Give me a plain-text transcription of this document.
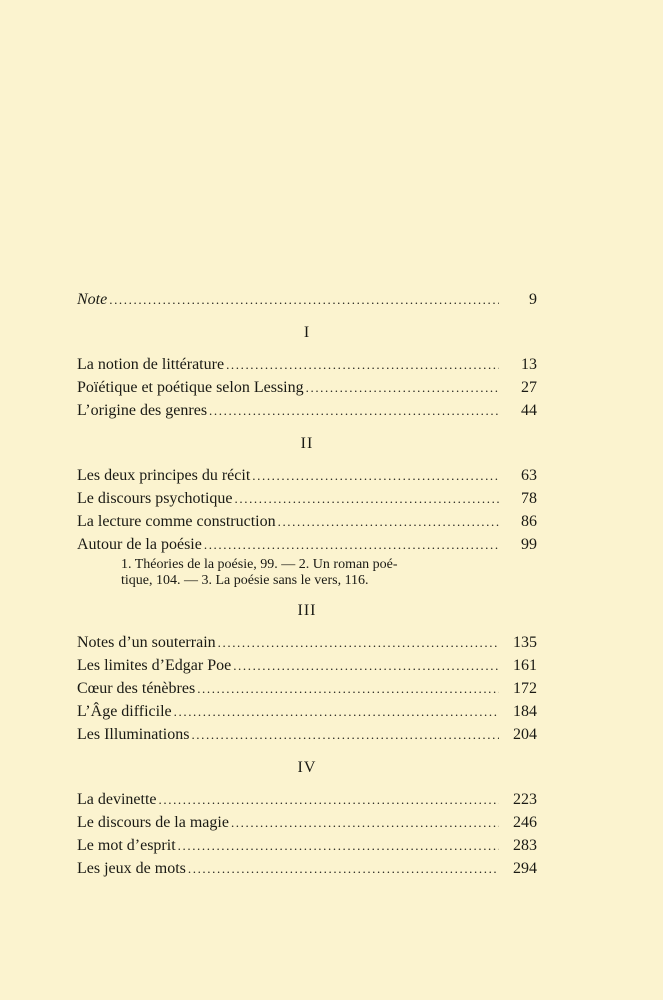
Note .....	9
I
La notion de littérature .....	13
Poïétique et poétique selon Lessing .....	27
L’origine des genres .....	44
II
Les deux principes du récit .....	63
Le discours psychotique .....	78
La lecture comme construction .....	86
Autour de la poésie .....	99
1. Théories de la poésie, 99. — 2. Un roman poé-
tique, 104. — 3. La poésie sans le vers, 116.
III
Notes d’un souterrain .....	135
Les limites d’Edgar Poe .....	161
Cœur des ténèbres .....	172
L’Âge difficile .....	184
Les Illuminations .....	204
IV
La devinette .....	223
Le discours de la magie .....	246
Le mot d’esprit .....	283
Les jeux de mots .....	294
